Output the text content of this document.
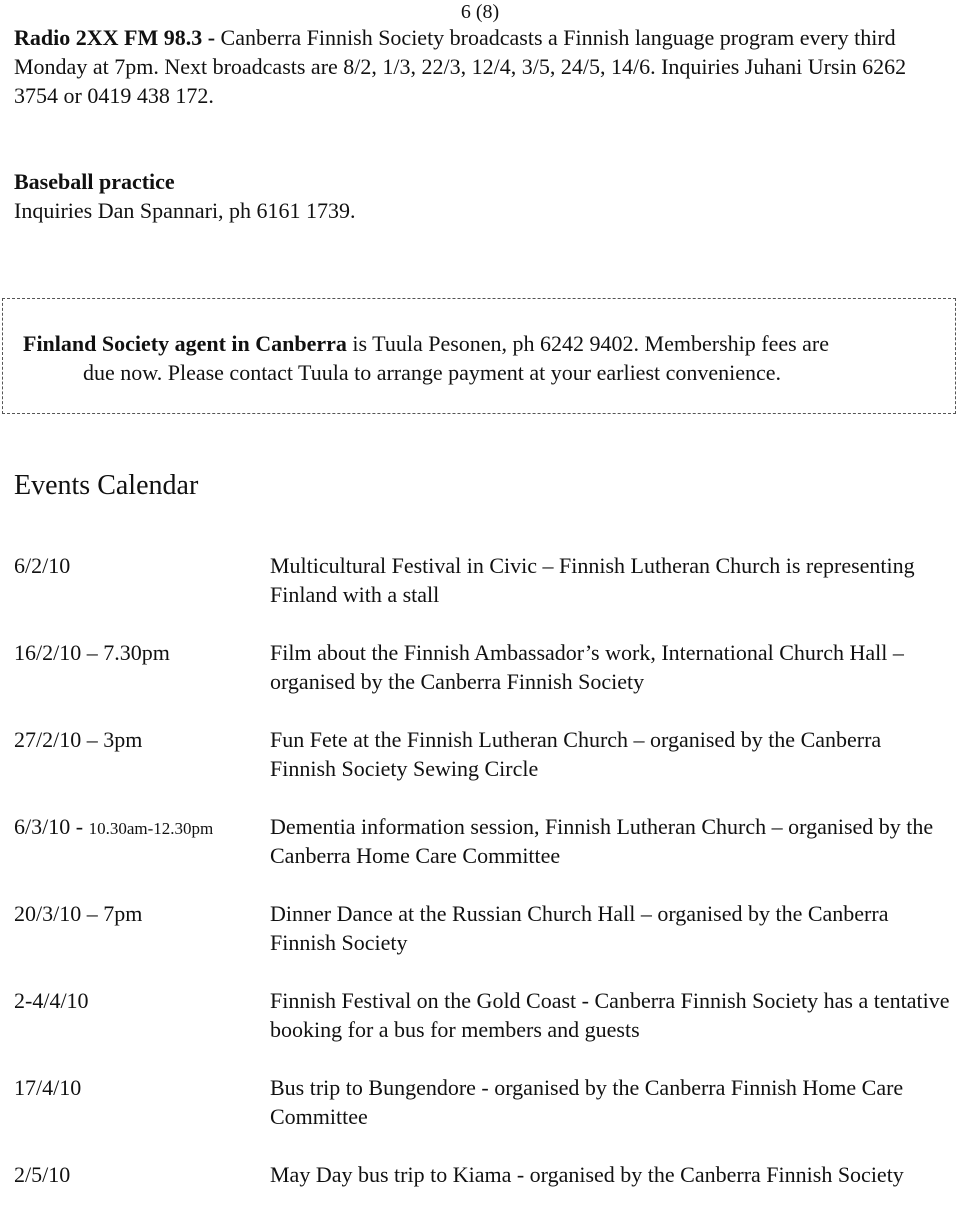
6 (8)
Radio 2XX FM 98.3 - Canberra Finnish Society broadcasts a Finnish language program every third Monday at 7pm. Next broadcasts are 8/2, 1/3, 22/3, 12/4, 3/5, 24/5, 14/6. Inquiries Juhani Ursin 6262 3754 or 0419 438 172.
Baseball practice
Inquiries Dan Spannari, ph 6161 1739.
Finland Society agent in Canberra is Tuula Pesonen, ph 6242 9402. Membership fees are
due now. Please contact Tuula to arrange payment at your earliest convenience.
Events Calendar
6/2/10	Multicultural Festival in Civic – Finnish Lutheran Church is representing Finland with a stall
16/2/10 – 7.30pm	Film about the Finnish Ambassador’s work, International Church Hall – organised by the Canberra Finnish Society
27/2/10 – 3pm	Fun Fete at the Finnish Lutheran Church – organised by the Canberra Finnish Society Sewing Circle
6/3/10 - 10.30am-12.30pm	Dementia information session, Finnish Lutheran Church – organised by the Canberra Home Care Committee
20/3/10 – 7pm	Dinner Dance at the Russian Church Hall – organised by the Canberra Finnish Society
2-4/4/10	Finnish Festival on the Gold Coast - Canberra Finnish Society has a tentative booking for a bus for members and guests
17/4/10	Bus trip to Bungendore - organised by the Canberra Finnish Home Care Committee
2/5/10	May Day bus trip to Kiama - organised by the Canberra Finnish Society
